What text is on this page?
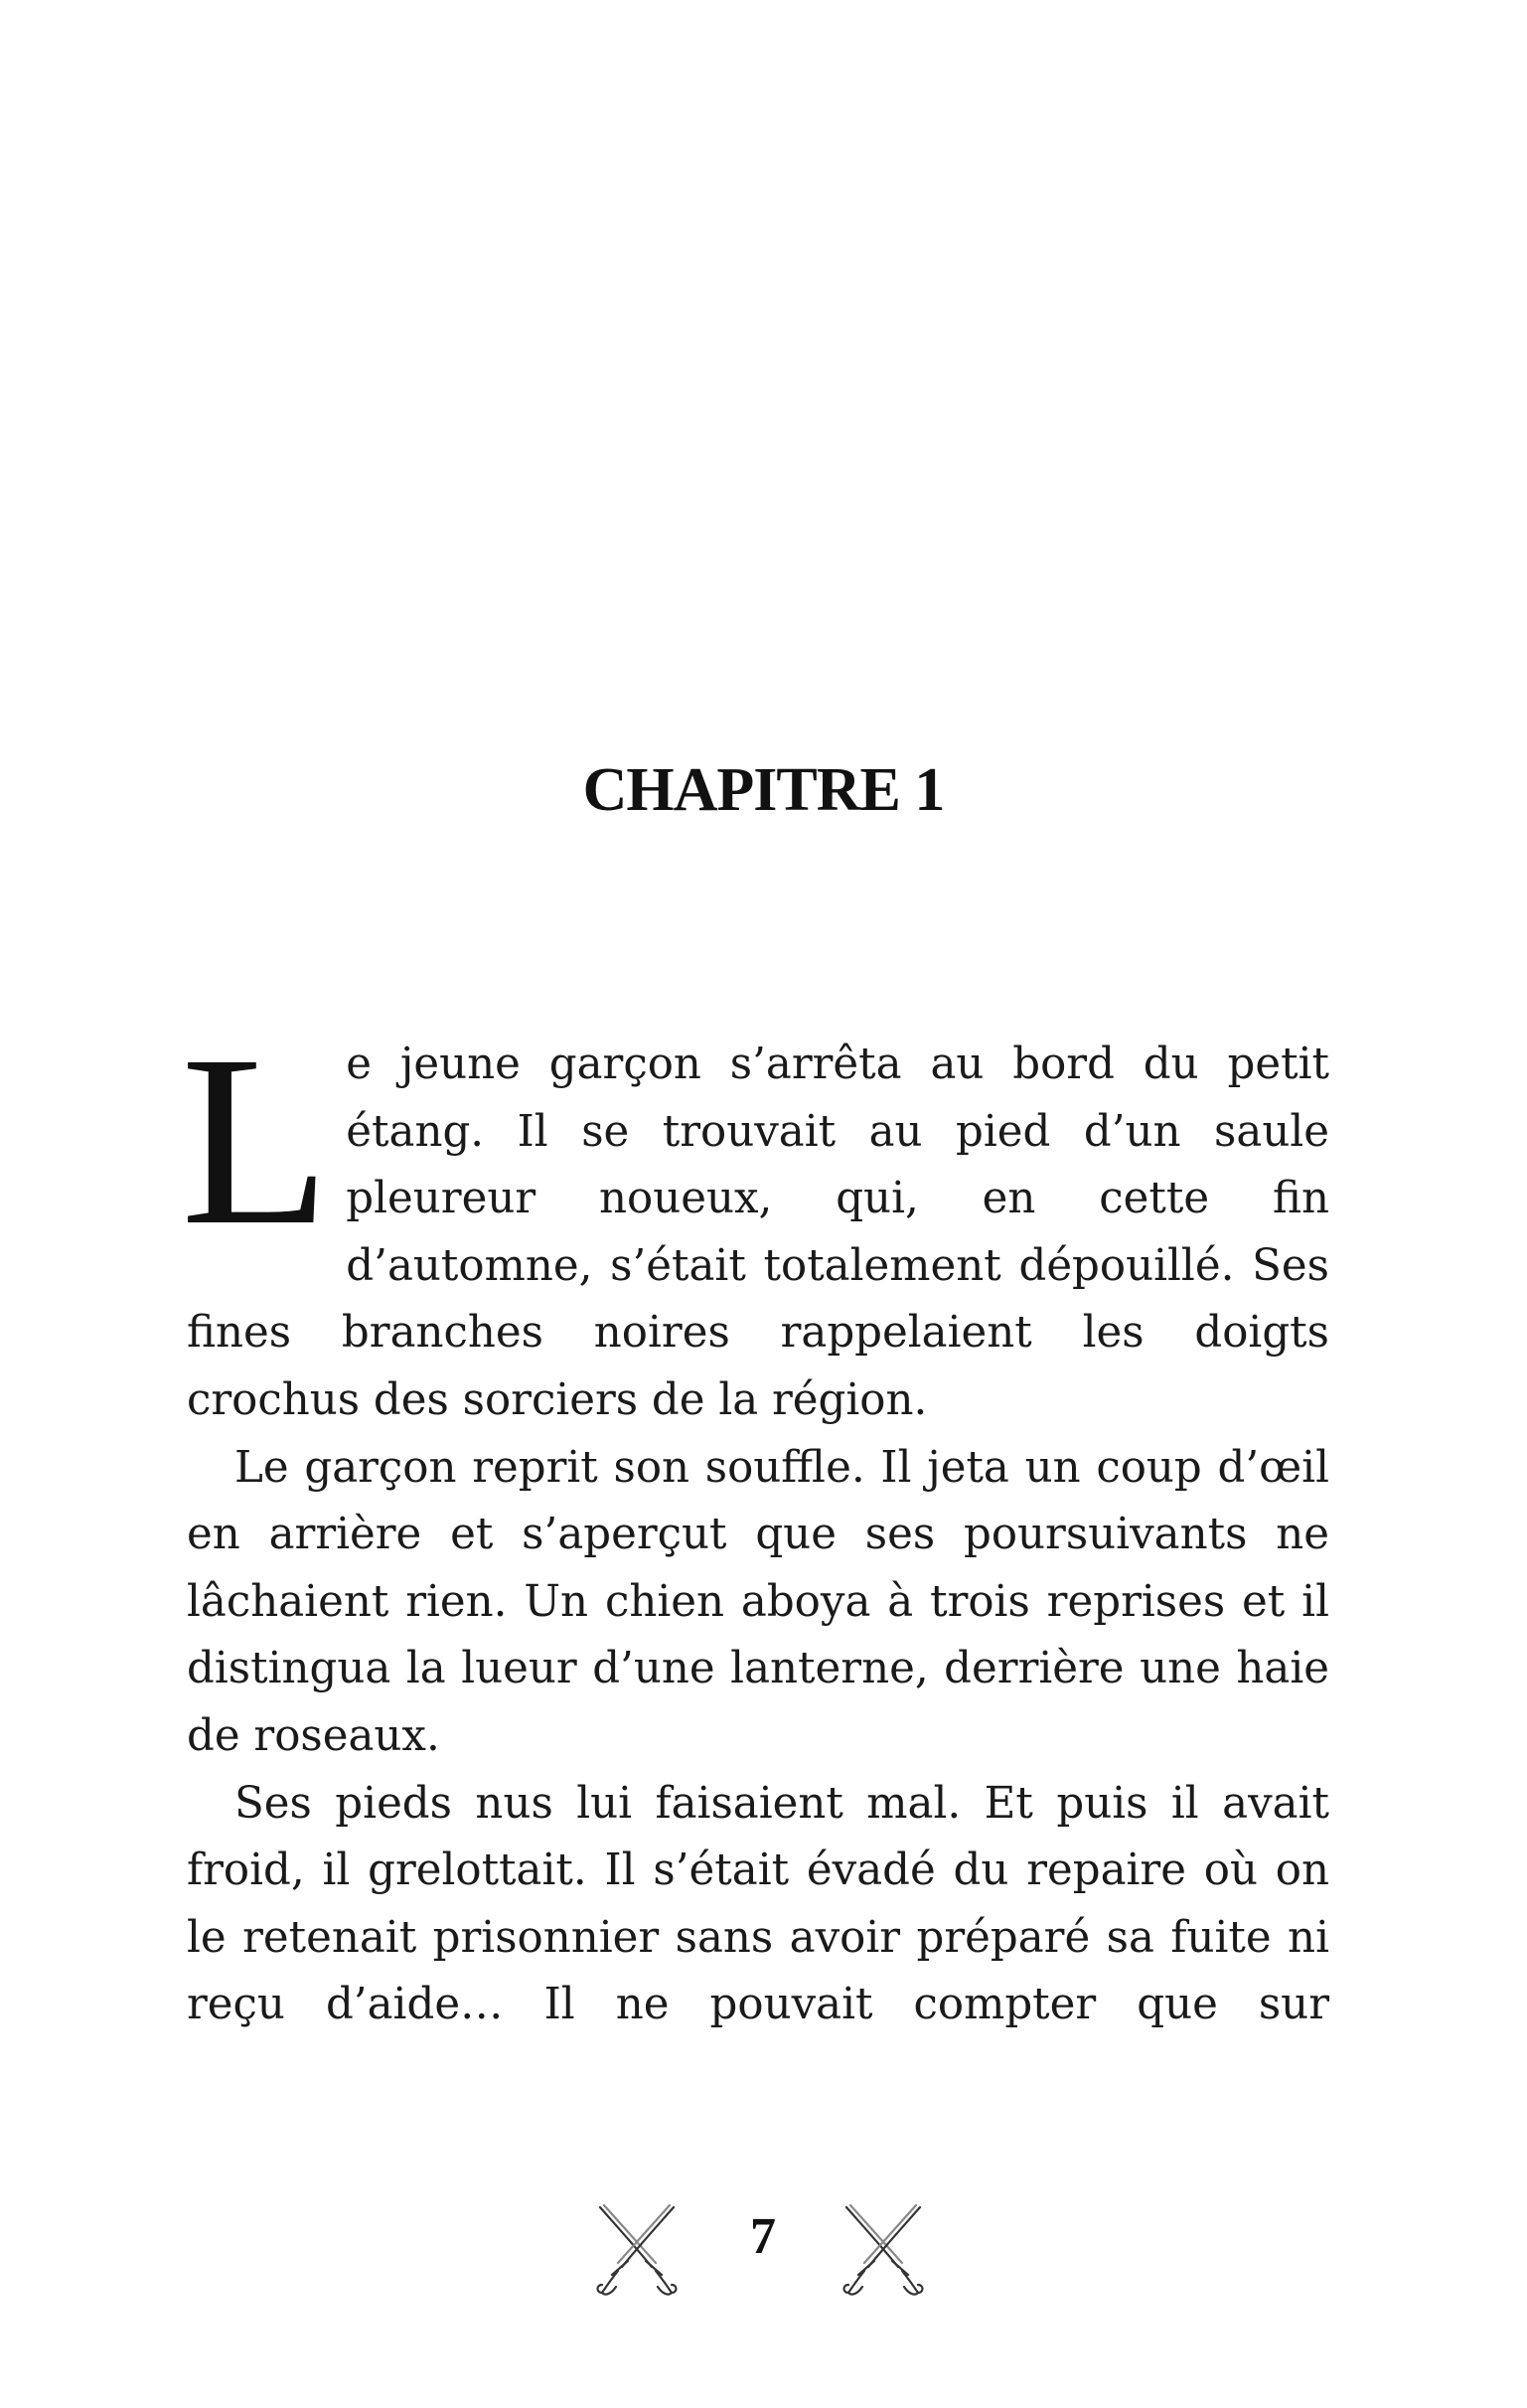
CHAPITRE 1

Le jeune garçon s’arrêta au bord du petit étang. Il se trouvait au pied d’un saule pleureur noueux, qui, en cette fin d’automne, s’était totalement dépouillé. Ses fines branches noires rappelaient les doigts crochus des sorciers de la région.

Le garçon reprit son souffle. Il jeta un coup d’œil en arrière et s’aperçut que ses poursuivants ne lâchaient rien. Un chien aboya à trois reprises et il distingua la lueur d’une lanterne, derrière une haie de roseaux.

Ses pieds nus lui faisaient mal. Et puis il avait froid, il grelottait. Il s’était évadé du repaire où on le retenait prisonnier sans avoir préparé sa fuite ni reçu d’aide… Il ne pouvait compter que sur

7
